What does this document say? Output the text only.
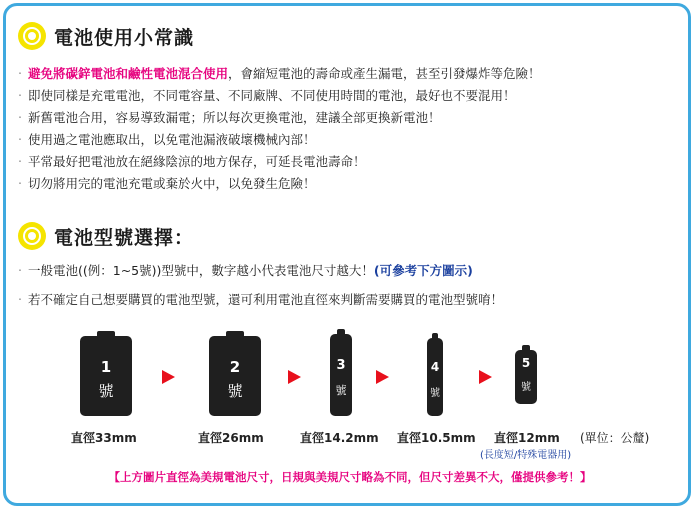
電池使用小常識
‧ 避免將碳鋅電池和鹼性電池混合使用，會縮短電池的壽命或產生漏電，甚至引發爆炸等危險！
‧ 即使同樣是充電電池，不同電容量、不同廠牌、不同使用時間的電池，最好也不要混用！
‧ 新舊電池合用，容易導致漏電；所以每次更換電池，建議全部更換新電池！
‧ 使用過之電池應取出，以免電池漏液破壞機械內部！
‧ 平常最好把電池放在絕緣陰涼的地方保存，可延長電池壽命！
‧ 切勿將用完的電池充電或棄於火中，以免發生危險！
電池型號選擇：
‧ 一般電池((例：1~5號))型號中，數字越小代表電池尺寸越大！(可參考下方圖示)
‧ 若不確定自己想要購買的電池型號，還可利用電池直徑來判斷需要購買的電池型號唷！
1
號
2
號
3
號
4
號
5
號
直徑33mm	直徑26mm	直徑14.2mm 直徑10.5mm 直徑12mm (單位：公釐)
(長度短/特殊電器用)
【上方圖片直徑為美規電池尺寸，日規與美規尺寸略為不同，但尺寸差異不大，僅提供參考！】
